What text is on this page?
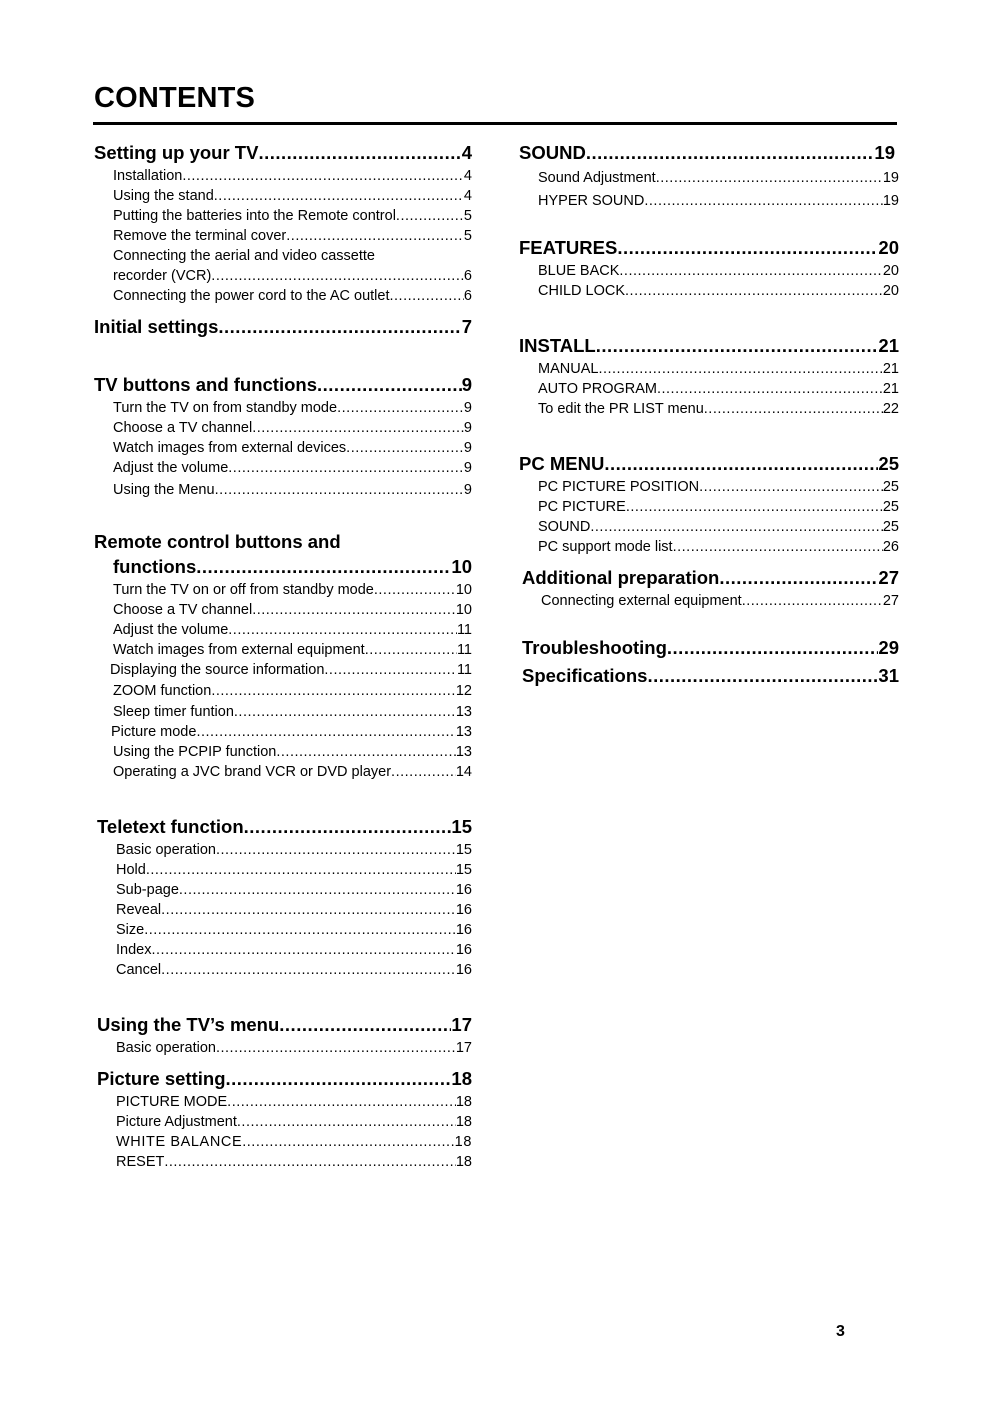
CONTENTS
Setting up your TV .....	4
Installation .....	4
Using the stand .....	4
Putting the batteries into the Remote control .....	5
Remove the terminal cover .....	5
Connecting the aerial and video cassette
recorder (VCR) .....	6
Connecting the power cord to the AC outlet .....	6
Initial settings .....	7
TV buttons and functions .....	9
Turn the TV on from standby mode .....	9
Choose a TV channel .....	9
Watch images from external devices .....	9
Adjust the volume .....	9
Using the Menu .....	9
Remote control buttons and
functions .....	10
Turn the TV on or off from standby mode .....	10
Choose a TV channel .....	10
Adjust the volume .....	11
Watch images from external equipment .....	11
Displaying the source information .....	11
ZOOM function .....	12
Sleep timer funtion .....	13
Picture mode .....	13
Using the PCPIP function .....	13
Operating a JVC brand VCR or DVD player .....	14
Teletext function .....	15
Basic operation .....	15
Hold .....	15
Sub-page .....	16
Reveal .....	16
Size .....	16
Index .....	16
Cancel .....	16
Using the TV’s menu .....	17
Basic operation .....	17
Picture setting .....	18
PICTURE MODE .....	18
Picture Adjustment .....	18
WHITE BALANCE .....	18
RESET .....	18
SOUND .....	19
Sound Adjustment .....	19
HYPER SOUND .....	19
FEATURES .....	20
BLUE BACK .....	20
CHILD LOCK .....	20
INSTALL .....	21
MANUAL .....	21
AUTO PROGRAM .....	21
To edit the PR LIST menu .....	22
PC MENU .....	25
PC PICTURE POSITION .....	25
PC PICTURE .....	25
SOUND .....	25
PC support mode list .....	26
Additional preparation .....	27
Connecting external equipment .....	27
Troubleshooting .....	29
Specifications .....	31
3
